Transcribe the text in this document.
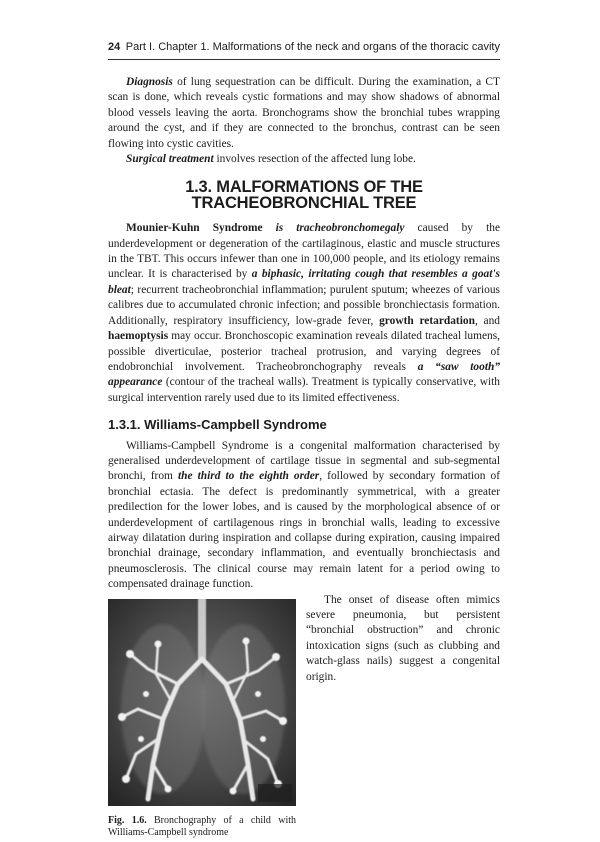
24 Part I. Chapter 1. Malformations of the neck and organs of the thoracic cavity

Diagnosis of lung sequestration can be difficult. During the examination, a CT scan is done, which reveals cystic formations and may show shadows of abnormal blood vessels leaving the aorta. Bronchograms show the bronchial tubes wrapping around the cyst, and if they are connected to the bronchus, contrast can be seen flowing into cystic cavities.

Surgical treatment involves resection of the affected lung lobe.

1.3. MALFORMATIONS OF THE TRACHEOBRONCHIAL TREE

Mounier-Kuhn Syndrome is tracheobronchomegaly caused by the underdevelopment or degeneration of the cartilaginous, elastic and muscle structures in the TBT. This occurs infewer than one in 100,000 people, and its etiology remains unclear. It is characterised by a biphasic, irritating cough that resembles a goat's bleat; recurrent tracheobronchial inflammation; purulent sputum; wheezes of various calibres due to accumulated chronic infection; and possible bronchiectasis formation. Additionally, respiratory insufficiency, low-grade fever, growth retardation, and haemoptysis may occur. Bronchoscopic examination reveals dilated tracheal lumens, possible diverticulae, posterior tracheal protrusion, and varying degrees of endobronchial involvement. Tracheobronchography reveals a “saw tooth” appearance (contour of the tracheal walls). Treatment is typically conservative, with surgical intervention rarely used due to its limited effectiveness.

1.3.1. Williams-Campbell Syndrome

Williams-Campbell Syndrome is a congenital malformation characterised by generalised underdevelopment of cartilage tissue in segmental and sub-segmental bronchi, from the third to the eighth order, followed by secondary formation of bronchial ectasia. The defect is predominantly symmetrical, with a greater predilection for the lower lobes, and is caused by the morphological absence of or underdevelopment of cartilagenous rings in bronchial walls, leading to excessive airway dilatation during inspiration and collapse during expiration, causing impaired bronchial drainage, secondary inflammation, and eventually bronchiectasis and pneumosclerosis. The clinical course may remain latent for a period owing to compensated drainage function.

Fig. 1.6. Bronchography of a child with Williams-Campbell syndrome

The onset of disease often mimics severe pneumonia, but persistent “bronchial obstruction” and chronic intoxication signs (such as clubbing and watch-glass nails) suggest a congenital origin.
